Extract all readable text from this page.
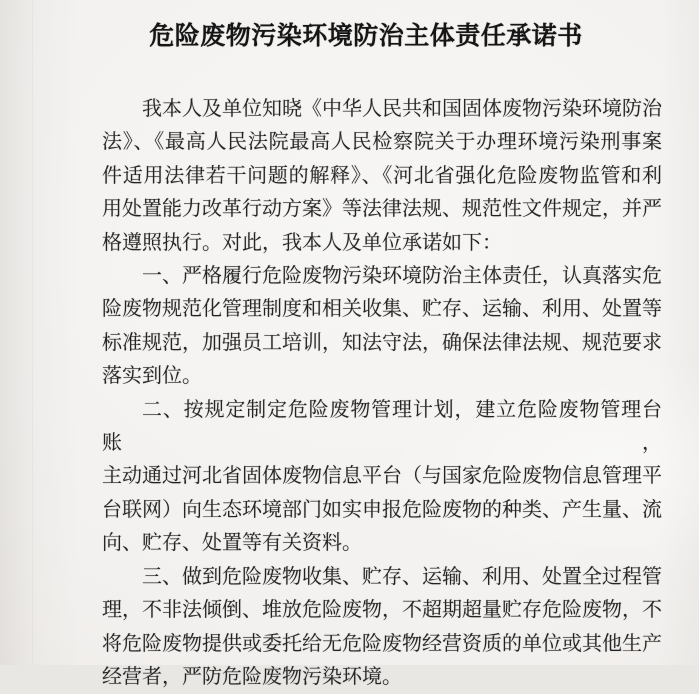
危险废物污染环境防治主体责任承诺书

我本人及单位知晓《中华人民共和国固体废物污染环境防治
法》、《最高人民法院最高人民检察院关于办理环境污染刑事案
件适用法律若干问题的解释》、《河北省强化危险废物监管和利
用处置能力改革行动方案》等法律法规、规范性文件规定，并严
格遵照执行。对此，我本人及单位承诺如下：

一、严格履行危险废物污染环境防治主体责任，认真落实危
险废物规范化管理制度和相关收集、贮存、运输、利用、处置等
标准规范，加强员工培训，知法守法，确保法律法规、规范要求
落实到位。

二、按规定制定危险废物管理计划，建立危险废物管理台账，
主动通过河北省固体废物信息平台（与国家危险废物信息管理平
台联网）向生态环境部门如实申报危险废物的种类、产生量、流
向、贮存、处置等有关资料。

三、做到危险废物收集、贮存、运输、利用、处置全过程管
理，不非法倾倒、堆放危险废物，不超期超量贮存危险废物，不
将危险废物提供或委托给无危险废物经营资质的单位或其他生产
经营者，严防危险废物污染环境。
